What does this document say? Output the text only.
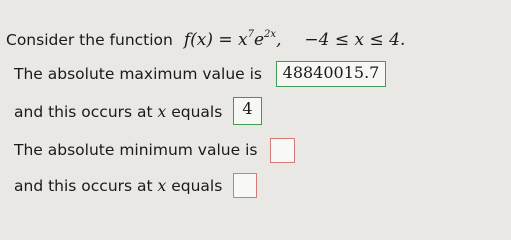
Consider the function $f(x) = x^7e^{2x}$, −4 ≤ x ≤ 4.
The absolute maximum value is	48840015.7
and this occurs at x equals	4
The absolute minimum value is
and this occurs at x equals
